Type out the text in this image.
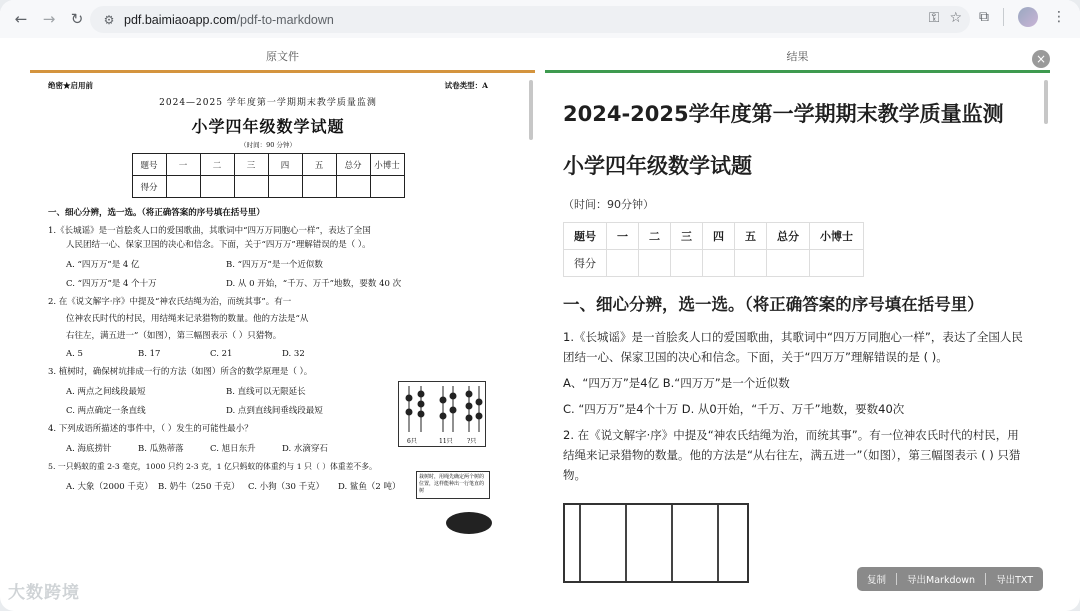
←	→	↻	⚙ pdf.baimiaoapp.com/pdf-to-markdown	⚿ ☆ ⧉	⋮
原文件	结果	×
绝密★启用前	试卷类型：A
2024—2025 学年度第一学期期末教学质量监测
小学四年级数学试题
（时间：90 分钟）
题号	一	二	三	四	五	总分	小博士
得分							
一、细心分辨，选一选。（将正确答案的序号填在括号里）
1.《长城谣》是一首脍炙人口的爱国歌曲，其歌词中“四万万同胞心一样”，表达了全国
人民团结一心、保家卫国的决心和信念。下面，关于“四万万”理解错误的是（ ）。
A. “四万万”是 4 亿	B. “四万万”是一个近似数
C. “四万万”是 4 个十万	D. 从 0 开始，“千万、万千”地数，要数 40 次
2. 在《说文解字·序》中提及“神农氏结绳为治，而统其事”。有一
位神农氏时代的村民，用结绳来记录猎物的数量。他的方法是“从
右往左，满五进一”（如图），第三幅图表示（ ）只猎物。
A. 5	B. 17	C. 21	D. 32
3. 植树时，确保树坑排成一行的方法（如图）所含的数学原理是（ ）。
A. 两点之间线段最短	B. 直线可以无限延长
C. 两点确定一条直线	D. 点到直线间垂线段最短
4. 下列成语所描述的事件中，（ ）发生的可能性最小？
A. 海底捞针	B. 瓜熟蒂落	C. 旭日东升	D. 水滴穿石
5. 一只蚂蚁的重 2-3 毫克，1000 只约 2-3 克，1 亿只蚂蚁的体重约与 1 只（ ）体重差不多。
A. 大象（2000 千克） B. 奶牛（250 千克） C. 小狗（30 千克）	D. 鲨鱼（2 吨）
6只	11只 ?只
栽树时，用绳先确定两个树的位置，这样能种出一行笔直的树
2024-2025学年度第一学期期末教学质量监测
小学四年级数学试题
（时间：90分钟）
题号	一	二	三	四	五	总分	小博士
得分							
一、细心分辨，选一选。（将正确答案的序号填在括号里）
1.《长城谣》是一首脍炙人口的爱国歌曲，其歌词中“四万万同胞心一样”，表达了全国人民团结一心、保家卫国的决心和信念。下面，关于“四万万”理解错误的是 ( )。
A、“四万万”是4亿 B.“四万万”是一个近似数
C. “四万万”是4个十万 D. 从0开始，“千万、万千”地数，要数40次
2. 在《说文解字·序》中提及“神农氏结绳为治，而统其事”。有一位神农氏时代的村民，用结绳来记录猎物的数量。他的方法是“从右往左，满五进一”（如图），第三幅图表示 ( ) 只猎物。
复制	导出Markdown	导出TXT
大数跨境
